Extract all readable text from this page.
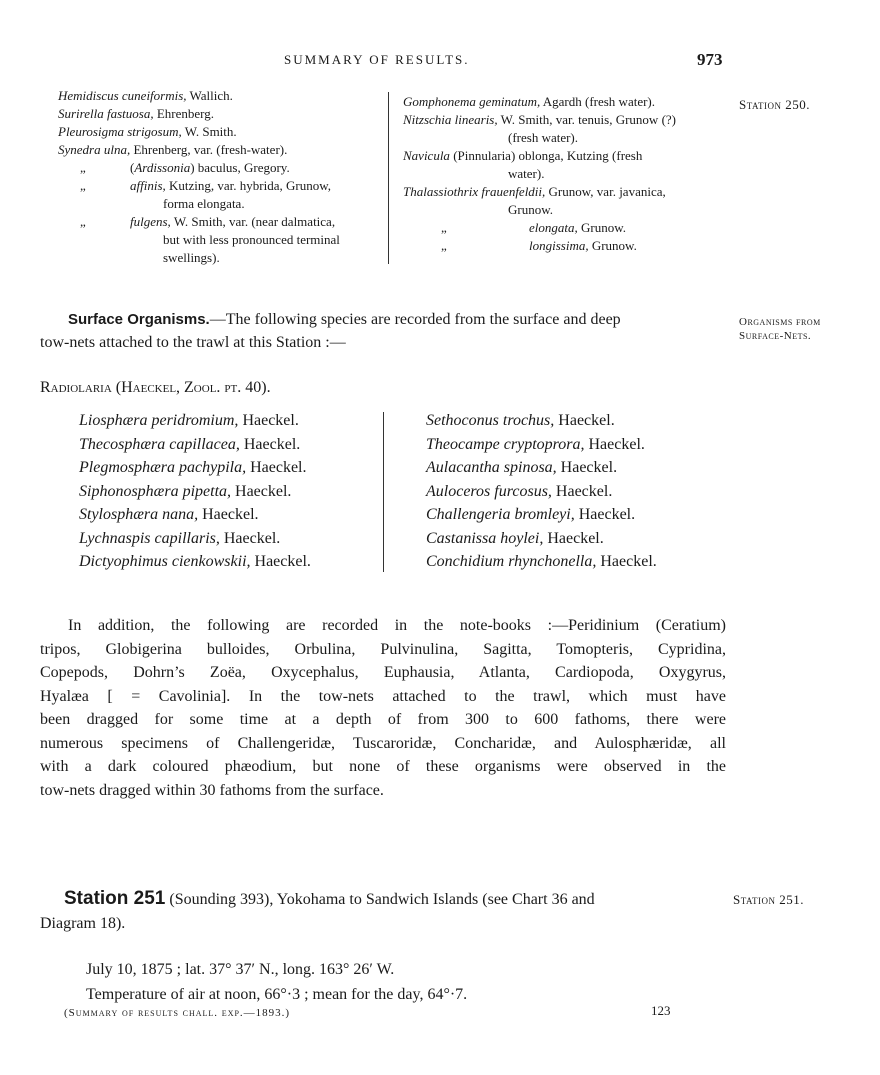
SUMMARY OF RESULTS.	973
Hemidiscus cuneiformis, Wallich.
Surirella fastuosa, Ehrenberg.
Pleurosigma strigosum, W. Smith.
Synedra ulna, Ehrenberg, var. (fresh-water).
„	(Ardissonia) baculus, Gregory.
„	affinis, Kutzing, var. hybrida, Grunow,
forma elongata.
„	fulgens, W. Smith, var. (near dalmatica,
but with less pronounced terminal
swellings).
Gomphonema geminatum, Agardh (fresh water).
Nitzschia linearis, W. Smith, var. tenuis, Grunow (?)
(fresh water).
Navicula (Pinnularia) oblonga, Kutzing (fresh
water).
Thalassiothrix frauenfeldii, Grunow, var. javanica,
Grunow.
„	elongata, Grunow.
„	longissima, Grunow.
Station 250.
Surface Organisms.—The following species are recorded from the surface and deep
tow-nets attached to the trawl at this Station :—
Organisms from
Surface-Nets.
Radiolaria (Haeckel, Zool. pt. 40).
Liosphæra peridromium, Haeckel.
Thecosphæra capillacea, Haeckel.
Plegmosphæra pachypila, Haeckel.
Siphonosphæra pipetta, Haeckel.
Stylosphæra nana, Haeckel.
Lychnaspis capillaris, Haeckel.
Dictyophimus cienkowskii, Haeckel.
Sethoconus trochus, Haeckel.
Theocampe cryptoprora, Haeckel.
Aulacantha spinosa, Haeckel.
Auloceros furcosus, Haeckel.
Challengeria bromleyi, Haeckel.
Castanissa hoylei, Haeckel.
Conchidium rhynchonella, Haeckel.
In addition, the following are recorded in the note-books :—Peridinium (Ceratium)
tripos, Globigerina bulloides, Orbulina, Pulvinulina, Sagitta, Tomopteris, Cypridina,
Copepods, Dohrn’s Zoëa, Oxycephalus, Euphausia, Atlanta, Cardiopoda, Oxygyrus,
Hyalæa [ = Cavolinia]. In the tow-nets attached to the trawl, which must have
been dragged for some time at a depth of from 300 to 600 fathoms, there were
numerous specimens of Challengeridæ, Tuscaroridæ, Concharidæ, and Aulosphæridæ, all
with a dark coloured phæodium, but none of these organisms were observed in the
tow-nets dragged within 30 fathoms from the surface.
Station 251 (Sounding 393), Yokohama to Sandwich Islands (see Chart 36 and
Diagram 18).
Station 251.
July 10, 1875 ; lat. 37° 37′ N., long. 163° 26′ W.
Temperature of air at noon, 66°·3 ; mean for the day, 64°·7.
(Summary of results chall. exp.—1893.)	123
